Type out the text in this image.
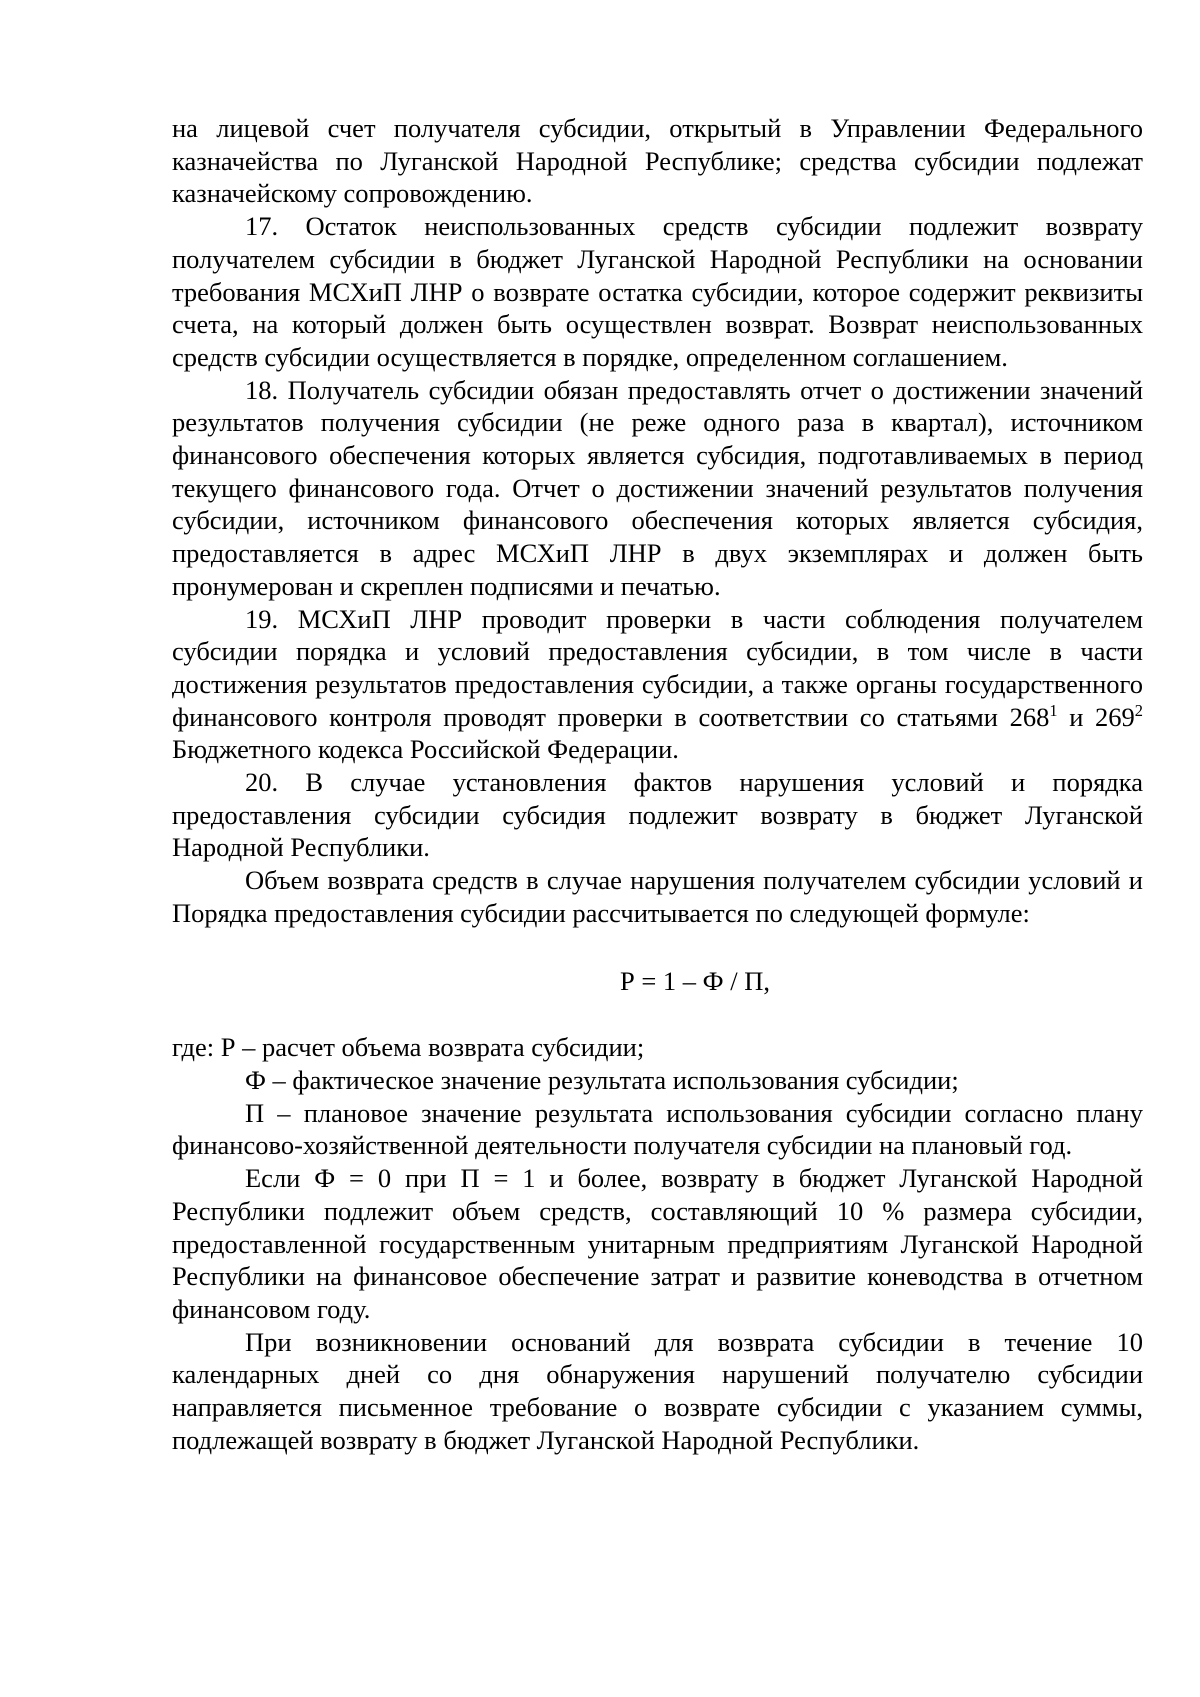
на лицевой счет получателя субсидии, открытый в Управлении Федерального казначейства по Луганской Народной Республике; средства субсидии подлежат казначейскому сопровождению.

17. Остаток неиспользованных средств субсидии подлежит возврату получателем субсидии в бюджет Луганской Народной Республики на основании требования МСХиП ЛНР о возврате остатка субсидии, которое содержит реквизиты счета, на который должен быть осуществлен возврат. Возврат неиспользованных средств субсидии осуществляется в порядке, определенном соглашением.

18. Получатель субсидии обязан предоставлять отчет о достижении значений результатов получения субсидии (не реже одного раза в квартал), источником финансового обеспечения которых является субсидия, подготавливаемых в период текущего финансового года. Отчет о достижении значений результатов получения субсидии, источником финансового обеспечения которых является субсидия, предоставляется в адрес МСХиП ЛНР в двух экземплярах и должен быть пронумерован и скреплен подписями и печатью.

19. МСХиП ЛНР проводит проверки в части соблюдения получателем субсидии порядка и условий предоставления субсидии, в том числе в части достижения результатов предоставления субсидии, а также органы государственного финансового контроля проводят проверки в соответствии со статьями $268^1$ и $269^2$ Бюджетного кодекса Российской Федерации.

20. В случае установления фактов нарушения условий и порядка предоставления субсидии субсидия подлежит возврату в бюджет Луганской Народной Республики.

Объем возврата средств в случае нарушения получателем субсидии условий и Порядка предоставления субсидии рассчитывается по следующей формуле:

Р = 1 – Ф / П,

где: Р – расчет объема возврата субсидии;

Ф – фактическое значение результата использования субсидии;

П – плановое значение результата использования субсидии согласно плану финансово-хозяйственной деятельности получателя субсидии на плановый год.

Если Ф = 0 при П = 1 и более, возврату в бюджет Луганской Народной Республики подлежит объем средств, составляющий 10 % размера субсидии, предоставленной государственным унитарным предприятиям Луганской Народной Республики на финансовое обеспечение затрат и развитие коневодства в отчетном финансовом году.

При возникновении оснований для возврата субсидии в течение 10 календарных дней со дня обнаружения нарушений получателю субсидии направляется письменное требование о возврате субсидии с указанием суммы, подлежащей возврату в бюджет Луганской Народной Республики.
